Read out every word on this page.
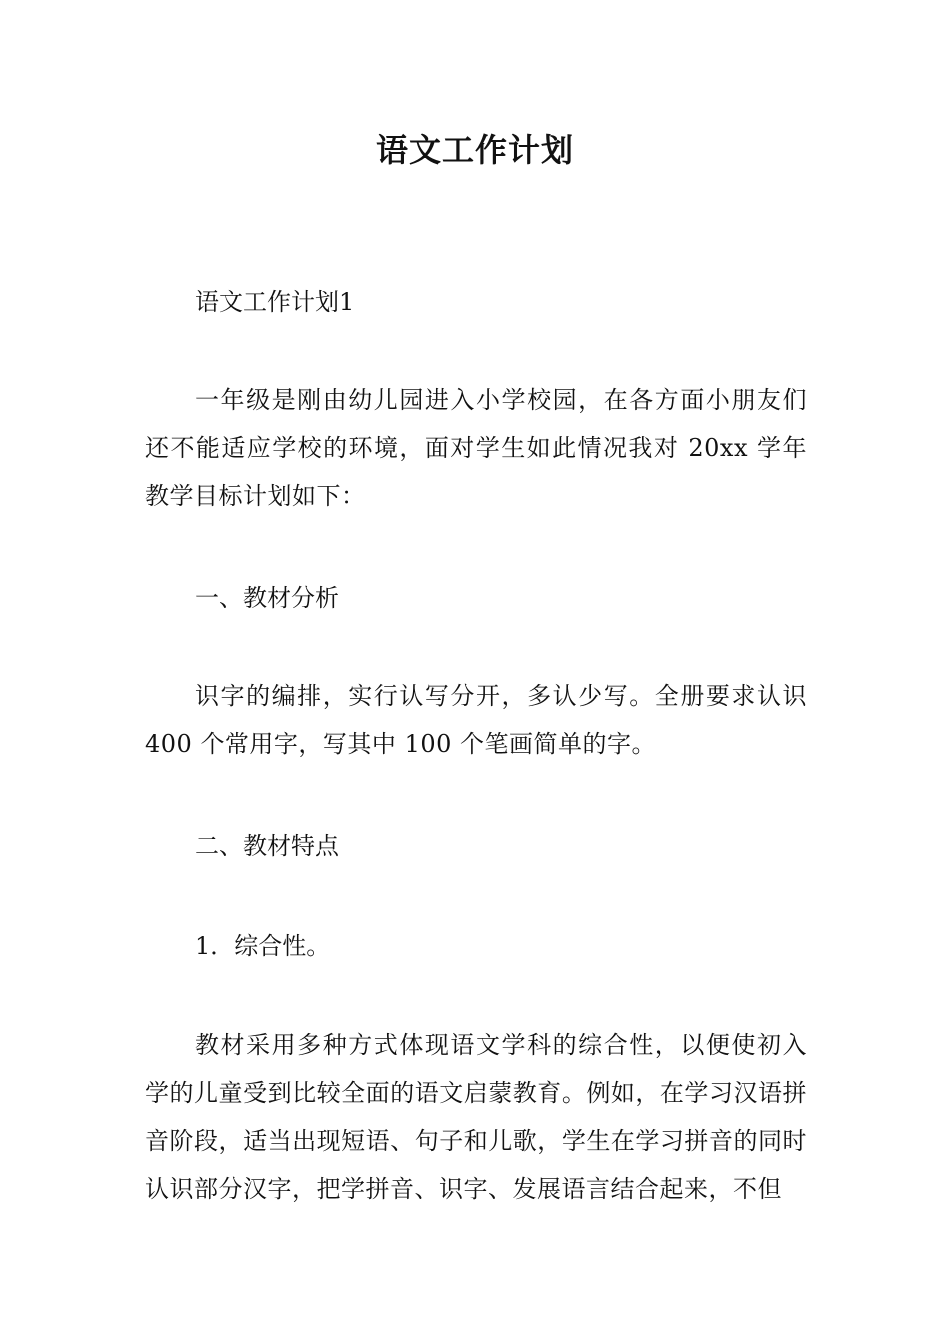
语文工作计划

语文工作计划1

一年级是刚由幼儿园进入小学校园，在各方面小朋友们还不能适应学校的环境，面对学生如此情况我对 20xx 学年教学目标计划如下：

一、教材分析

识字的编排，实行认写分开，多认少写。全册要求认识 400 个常用字，写其中 100 个笔画简单的字。

二、教材特点

1．综合性。

教材采用多种方式体现语文学科的综合性，以便使初入学的儿童受到比较全面的语文启蒙教育。例如，在学习汉语拼音阶段，适当出现短语、句子和儿歌，学生在学习拼音的同时认识部分汉字，把学拼音、识字、发展语言结合起来，不但
